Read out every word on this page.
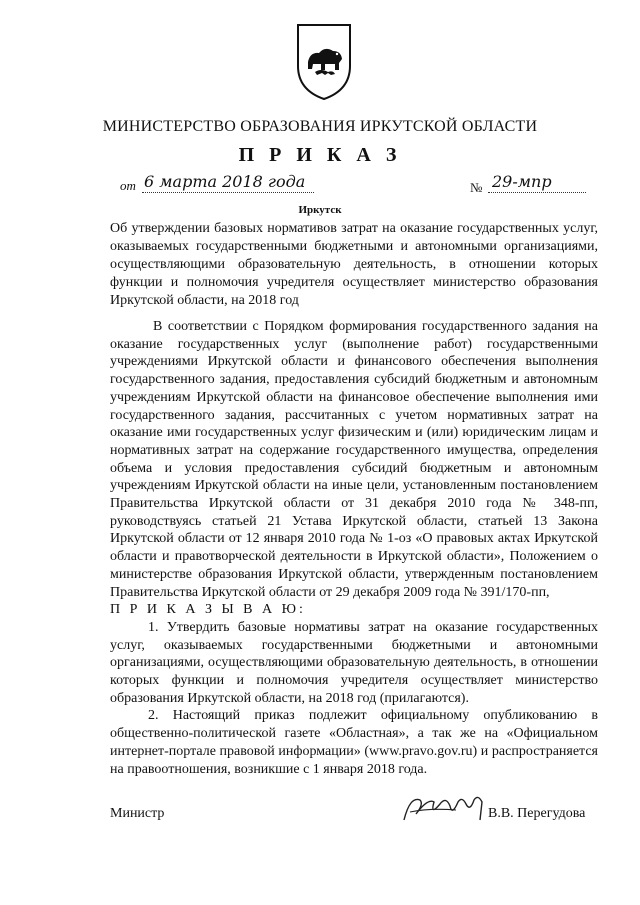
МИНИСТЕРСТВО ОБРАЗОВАНИЯ ИРКУТСКОЙ ОБЛАСТИ
П Р И К А З
от 6 марта 2018 года	№ 29-мпр
Иркутск
Об утверждении базовых нормативов затрат на оказание государственных услуг, оказываемых государственными бюджетными и автономными организациями, осуществляющими образовательную деятельность, в отношении которых функции и полномочия учредителя осуществляет министерство образования Иркутской области, на 2018 год

В соответствии с Порядком формирования государственного задания на оказание государственных услуг (выполнение работ) государственными учреждениями Иркутской области и финансового обеспечения выполнения государственного задания, предоставления субсидий бюджетным и автономным учреждениям Иркутской области на финансовое обеспечение выполнения ими государственного задания, рассчитанных с учетом нормативных затрат на оказание ими государственных услуг физическим и (или) юридическим лицам и нормативных затрат на содержание государственного имущества, определения объема и условия предоставления субсидий бюджетным и автономным учреждениям Иркутской области на иные цели, установленным постановлением Правительства Иркутской области от 31 декабря 2010 года № 348-пп, руководствуясь статьей 21 Устава Иркутской области, статьей 13 Закона Иркутской области от 12 января 2010 года № 1-оз «О правовых актах Иркутской области и правотворческой деятельности в Иркутской области», Положением о министерстве образования Иркутской области, утвержденным постановлением Правительства Иркутской области от 29 декабря 2009 года № 391/170-пп,

П Р И К А З Ы В А Ю:

1. Утвердить базовые нормативы затрат на оказание государственных услуг, оказываемых государственными бюджетными и автономными организациями, осуществляющими образовательную деятельность, в отношении которых функции и полномочия учредителя осуществляет министерство образования Иркутской области, на 2018 год (прилагаются).

2. Настоящий приказ подлежит официальному опубликованию в общественно-политической газете «Областная», а так же на «Официальном интернет-портале правовой информации» (www.pravo.gov.ru) и распространяется на правоотношения, возникшие с 1 января 2018 года.

Министр	В.В. Перегудова
